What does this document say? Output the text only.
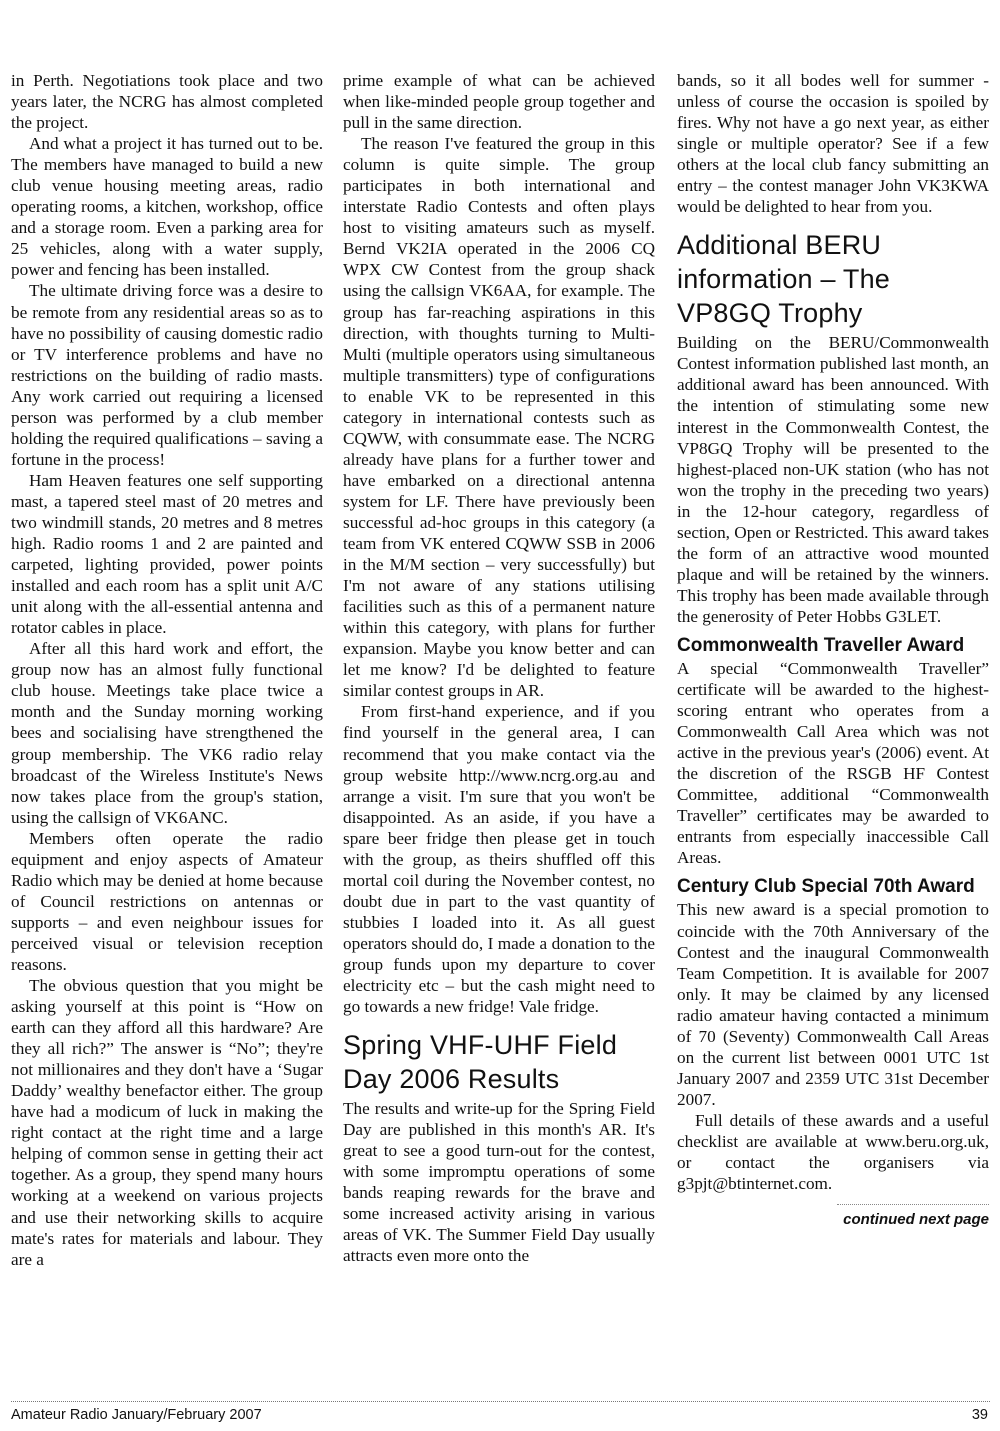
in Perth. Negotiations took place and two years later, the NCRG has almost completed the project.

And what a project it has turned out to be. The members have managed to build a new club venue housing meeting areas, radio operating rooms, a kitchen, workshop, office and a storage room. Even a parking area for 25 vehicles, along with a water supply, power and fencing has been installed.

The ultimate driving force was a desire to be remote from any residential areas so as to have no possibility of causing domestic radio or TV interference problems and have no restrictions on the building of radio masts. Any work carried out requiring a licensed person was performed by a club member holding the required qualifications – saving a fortune in the process!

Ham Heaven features one self supporting mast, a tapered steel mast of 20 metres and two windmill stands, 20 metres and 8 metres high. Radio rooms 1 and 2 are painted and carpeted, lighting provided, power points installed and each room has a split unit A/C unit along with the all-essential antenna and rotator cables in place.

After all this hard work and effort, the group now has an almost fully functional club house. Meetings take place twice a month and the Sunday morning working bees and socialising have strengthened the group membership. The VK6 radio relay broadcast of the Wireless Institute's News now takes place from the group's station, using the callsign of VK6ANC.

Members often operate the radio equipment and enjoy aspects of Amateur Radio which may be denied at home because of Council restrictions on antennas or supports – and even neighbour issues for perceived visual or television reception reasons.

The obvious question that you might be asking yourself at this point is “How on earth can they afford all this hardware? Are they all rich?” The answer is “No”; they're not millionaires and they don't have a ‘Sugar Daddy’ wealthy benefactor either. The group have had a modicum of luck in making the right contact at the right time and a large helping of common sense in getting their act together. As a group, they spend many hours working at a weekend on various projects and use their networking skills to acquire mate's rates for materials and labour. They are a

prime example of what can be achieved when like-minded people group together and pull in the same direction.

The reason I've featured the group in this column is quite simple. The group participates in both international and interstate Radio Contests and often plays host to visiting amateurs such as myself. Bernd VK2IA operated in the 2006 CQ WPX CW Contest from the group shack using the callsign VK6AA, for example. The group has far-reaching aspirations in this direction, with thoughts turning to Multi-Multi (multiple operators using simultaneous multiple transmitters) type of configurations to enable VK to be represented in this category in international contests such as CQWW, with consummate ease. The NCRG already have plans for a further tower and have embarked on a directional antenna system for LF. There have previously been successful ad-hoc groups in this category (a team from VK entered CQWW SSB in 2006 in the M/M section – very successfully) but I'm not aware of any stations utilising facilities such as this of a permanent nature within this category, with plans for further expansion. Maybe you know better and can let me know? I'd be delighted to feature similar contest groups in AR.

From first-hand experience, and if you find yourself in the general area, I can recommend that you make contact via the group website http://www.ncrg.org.au and arrange a visit. I'm sure that you won't be disappointed. As an aside, if you have a spare beer fridge then please get in touch with the group, as theirs shuffled off this mortal coil during the November contest, no doubt due in part to the vast quantity of stubbies I loaded into it. As all guest operators should do, I made a donation to the group funds upon my departure to cover electricity etc – but the cash might need to go towards a new fridge! Vale fridge.

Spring VHF-UHF Field Day 2006 Results

The results and write-up for the Spring Field Day are published in this month's AR. It's great to see a good turn-out for the contest, with some impromptu operations of some bands reaping rewards for the brave and some increased activity arising in various areas of VK. The Summer Field Day usually attracts even more onto the

bands, so it all bodes well for summer - unless of course the occasion is spoiled by fires. Why not have a go next year, as either single or multiple operator? See if a few others at the local club fancy submitting an entry – the contest manager John VK3KWA would be delighted to hear from you.

Additional BERU information – The VP8GQ Trophy

Building on the BERU/Commonwealth Contest information published last month, an additional award has been announced. With the intention of stimulating some new interest in the Commonwealth Contest, the VP8GQ Trophy will be presented to the highest-placed non-UK station (who has not won the trophy in the preceding two years) in the 12-hour category, regardless of section, Open or Restricted. This award takes the form of an attractive wood mounted plaque and will be retained by the winners. This trophy has been made available through the generosity of Peter Hobbs G3LET.

Commonwealth Traveller Award

A special “Commonwealth Traveller” certificate will be awarded to the highest-scoring entrant who operates from a Commonwealth Call Area which was not active in the previous year's (2006) event. At the discretion of the RSGB HF Contest Committee, additional “Commonwealth Traveller” certificates may be awarded to entrants from especially inaccessible Call Areas.

Century Club Special 70th Award

This new award is a special promotion to coincide with the 70th Anniversary of the Contest and the inaugural Commonwealth Team Competition. It is available for 2007 only. It may be claimed by any licensed radio amateur having contacted a minimum of 70 (Seventy) Commonwealth Call Areas on the current list between 0001 UTC 1st January 2007 and 2359 UTC 31st December 2007.

Full details of these awards and a useful checklist are available at www.beru.org.uk, or contact the organisers via g3pjt@btinternet.com.

continued next page

Amateur Radio January/February 2007	39
